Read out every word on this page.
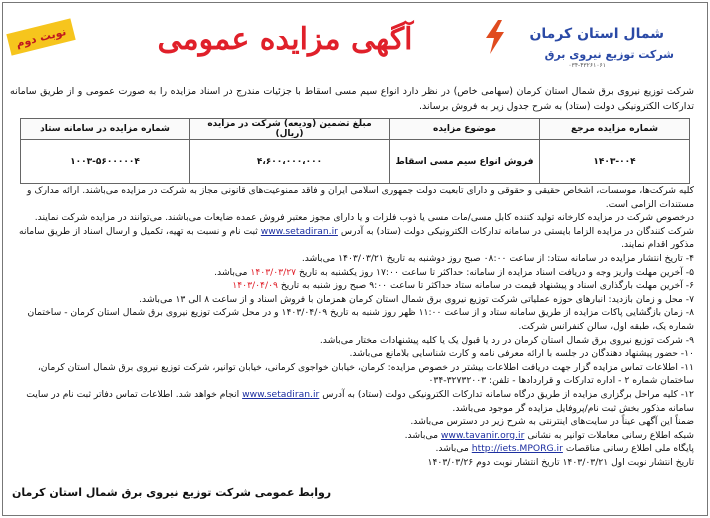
شمال استان کرمان
شرکت توزیع نیروی برق
۰۳۴-۴۳۲۶۱۰۶۱
آگهی مزایده عمومی
نوبت دوم
شرکت توزیع نیروی برق شمال استان کرمان (سهامی خاص) در نظر دارد انواع سیم مسی اسقاط با جزئیات مندرج در اسناد مزایده را به صورت عمومی و از طریق سامانه تدارکات الکترونیکی دولت (ستاد) به شرح جدول زیر به فروش برساند.
شماره مزایده مرجع	موضوع مزایده	مبلغ تضمین (ودیعه) شرکت در مزایده (ریال)	شماره مزایده در سامانه ستاد
۱۴۰۳-۰۰۴	فروش انواع سیم مسی اسقاط	۴،۶۰۰،۰۰۰،۰۰۰	۱۰۰۳-۵۶۰۰۰۰۰۴

کلیه شرکت‌ها، موسسات، اشخاص حقیقی و حقوقی و دارای تابعیت دولت جمهوری اسلامی ایران و فاقد ممنوعیت‌های قانونی مجاز به شرکت در مزایده می‌باشند. ارائه مدارک و مستندات الزامی است.

درخصوص شرکت در مزایده کارخانه تولید کننده کابل مسی/مات مسی یا ذوب فلزات و یا دارای مجوز معتبر فروش عمده ضایعات می‌باشند. می‌توانند در مزایده شرکت نمایند.

شرکت کنندگان در مزایده الزاما بایستی در سامانه تدارکات الکترونیکی دولت (ستاد) به آدرس www.setadiran.ir ثبت نام و نسبت به تهیه، تکمیل و ارسال اسناد از طریق سامانه مذکور اقدام نمایند.

۴- تاریخ انتشار مزایده در سامانه ستاد: از ساعت ۰۸:۰۰ صبح روز دوشنبه به تاریخ ۱۴۰۳/۰۳/۲۱ می‌باشد.

۵- آخرین مهلت واریز وجه و دریافت اسناد مزایده از سامانه: حداکثر تا ساعت ۱۷:۰۰ روز یکشنبه به تاریخ ۱۴۰۳/۰۳/۲۷ می‌باشد.

۶- آخرین مهلت بارگذاری اسناد و پیشنهاد قیمت در سامانه ستاد حداکثر تا ساعت ۹:۰۰ صبح روز شنبه به تاریخ ۱۴۰۳/۰۴/۰۹

۷- محل و زمان بازدید: انبارهای حوزه عملیاتی شرکت توزیع نیروی برق شمال استان کرمان همزمان با فروش اسناد و از ساعت ۸ الی ۱۳ می‌باشد.

۸- زمان بازگشایی پاکات مزایده از طریق سامانه ستاد و از ساعت ۱۱:۰۰ ظهر روز شنبه به تاریخ ۱۴۰۳/۰۴/۰۹ و در محل شرکت توزیع نیروی برق شمال استان کرمان - ساختمان شماره یک، طبقه اول، سالن کنفرانس شرکت.

۹- شرکت توزیع نیروی برق شمال استان کرمان در رد یا قبول یک یا کلیه پیشنهادات مختار می‌باشد.

۱۰- حضور پیشنهاد دهندگان در جلسه با ارائه معرفی نامه و کارت شناسایی بلامانع می‌باشد.

۱۱- اطلاعات تماس مزایده گزار جهت دریافت اطلاعات بیشتر در خصوص مزایده: کرمان، خیابان خواجوی کرمانی، خیابان توانیر، شرکت توزیع نیروی برق شمال استان کرمان، ساختمان شماره ۲ - اداره تدارکات و قراردادها - تلفن: ۳۲۷۳۲۰۰۳-۰۳۴

۱۲- کلیه مراحل برگزاری مزایده از طریق درگاه سامانه تدارکات الکترونیکی دولت (ستاد) به آدرس www.setadiran.ir انجام خواهد شد. اطلاعات تماس دفاتر ثبت نام در سایت سامانه مذکور بخش ثبت نام/پروفایل مزایده گر موجود می‌باشد.

ضمناً این آگهی عیناً در سایت‌های اینترنتی به شرح زیر در دسترس می‌باشد.

شبکه اطلاع رسانی معاملات توانیر به نشانی www.tavanir.org.ir می‌باشد.

پایگاه ملی اطلاع رسانی مناقصات http://iets.MPORG.ir می‌باشد.

تاریخ انتشار نوبت اول ۱۴۰۳/۰۳/۲۱ تاریخ انتشار نوبت دوم ۱۴۰۳/۰۳/۲۶

روابط عمومی شرکت توزیع نیروی برق شمال استان کرمان
